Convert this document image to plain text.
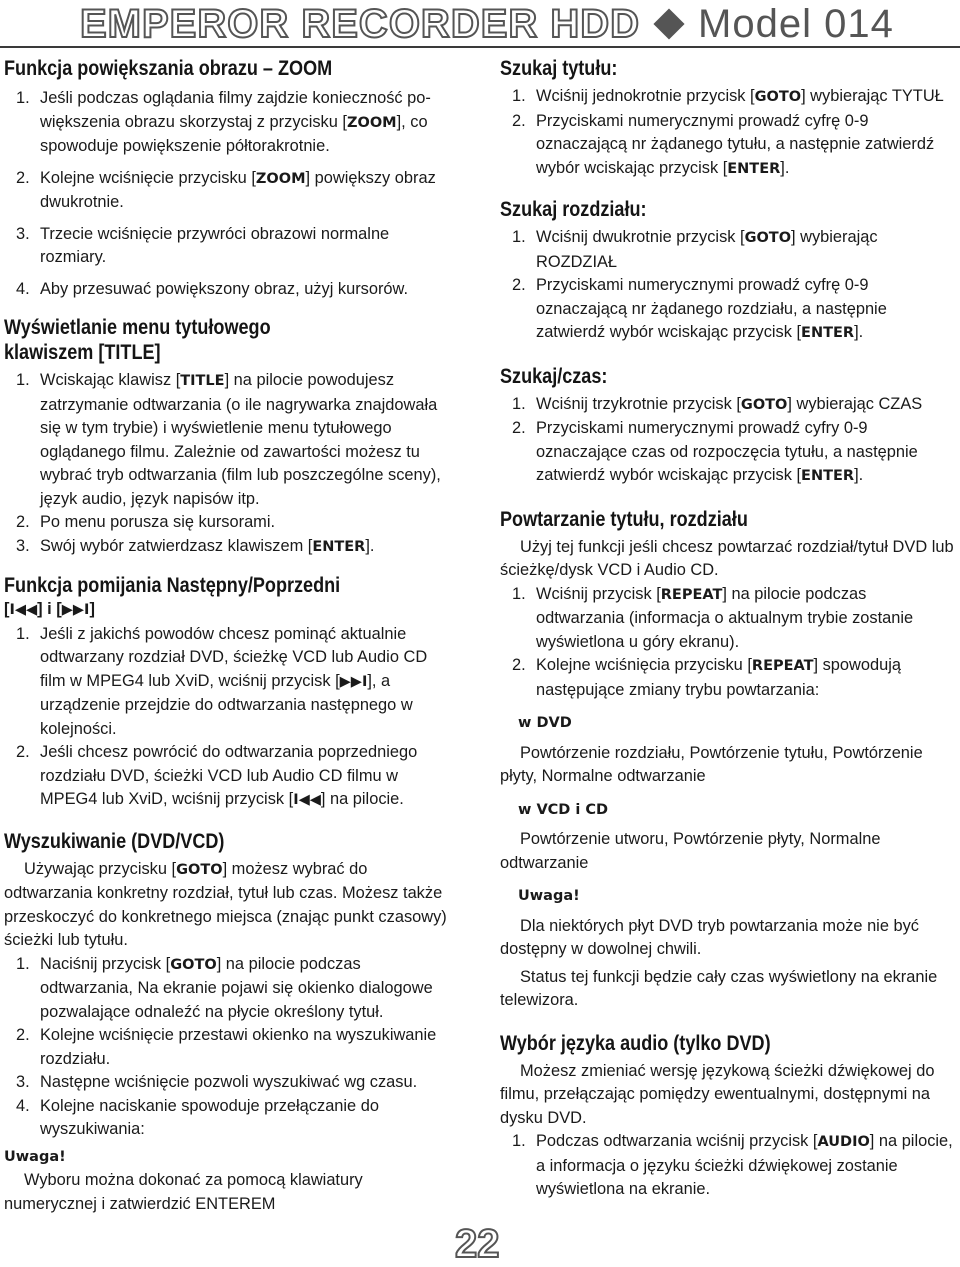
EMPEROR RECORDER HDD Model 014
Funkcja powiększania obrazu – ZOOM

1. Jeśli podczas oglądania filmy zajdzie konieczność po- większenia obrazu skorzystaj z przycisku [ZOOM], co spowoduje powiększenie półtorakrotnie.

2. Kolejne wciśnięcie przycisku [ZOOM] powiększy obraz dwukrotnie.

3. Trzecie wciśnięcie przywróci obrazowi normalne rozmiary.

4. Aby przesuwać powiększony obraz, użyj kursorów.

Wyświetlanie menu tytułowego
klawiszem [TITLE]

1. Wciskając klawisz [TITLE] na pilocie powodujesz zatrzymanie odtwarzania (o ile nagrywarka znajdowała się w tym trybie) i wyświetlenie menu tytułowego oglądanego filmu. Zależnie od zawartości możesz tu wybrać tryb odtwarzania (film lub poszczególne sceny), język audio, język napisów itp.

2. Po menu porusza się kursorami.

3. Swój wybór zatwierdzasz klawiszem [ENTER].

Funkcja pomijania Następny/Poprzedni

[I◀◀] i [▶▶I]

1. Jeśli z jakichś powodów chcesz pominąć aktualnie odtwarzany rozdział DVD, ścieżkę VCD lub Audio CD film w MPEG4 lub XviD, wciśnij przycisk [▶▶I], a urządzenie przejdzie do odtwarzania następnego w kolejności.

2. Jeśli chcesz powrócić do odtwarzania poprzedniego rozdziału DVD, ścieżki VCD lub Audio CD filmu w MPEG4 lub XviD, wciśnij przycisk [I◀◀] na pilocie.

Wyszukiwanie (DVD/VCD)

Używając przycisku [GOTO] możesz wybrać do odtwarzania konkretny rozdział, tytuł lub czas. Możesz także przeskoczyć do konkretnego miejsca (znając punkt czasowy) ścieżki lub tytułu.

1. Naciśnij przycisk [GOTO] na pilocie podczas odtwarzania, Na ekranie pojawi się okienko dialogowe pozwalające odnaleźć na płycie określony tytuł.

2. Kolejne wciśnięcie przestawi okienko na wyszukiwanie rozdziału.

3. Następne wciśnięcie pozwoli wyszukiwać wg czasu.

4. Kolejne naciskanie spowoduje przełączanie do wyszukiwania:

Uwaga!

Wyboru można dokonać za pomocą klawiatury numerycznej i zatwierdzić ENTEREM

Szukaj tytułu:

1. Wciśnij jednokrotnie przycisk [GOTO] wybierając TYTUŁ

2. Przyciskami numerycznymi prowadź cyfrę 0-9 oznaczającą nr żądanego tytułu, a następnie zatwierdź wybór wciskając przycisk [ENTER].

Szukaj rozdziału:

1. Wciśnij dwukrotnie przycisk [GOTO] wybierając ROZDZIAŁ

2. Przyciskami numerycznymi prowadź cyfrę 0-9 oznaczającą nr żądanego rozdziału, a następnie zatwierdź wybór wciskając przycisk [ENTER].

Szukaj/czas:

1. Wciśnij trzykrotnie przycisk [GOTO] wybierając CZAS

2. Przyciskami numerycznymi prowadź cyfry 0-9 oznaczające czas od rozpoczęcia tytułu, a następnie zatwierdź wybór wciskając przycisk [ENTER].

Powtarzanie tytułu, rozdziału

Użyj tej funkcji jeśli chcesz powtarzać rozdział/tytuł DVD lub ścieżkę/dysk VCD i Audio CD.

1. Wciśnij przycisk [REPEAT] na pilocie podczas odtwarzania (informacja o aktualnym trybie zostanie wyświetlona u góry ekranu).

2. Kolejne wciśnięcia przycisku [REPEAT] spowodują następujące zmiany trybu powtarzania:

w DVD

Powtórzenie rozdziału, Powtórzenie tytułu, Powtórzenie płyty, Normalne odtwarzanie

w VCD i CD

Powtórzenie utworu, Powtórzenie płyty, Normalne odtwarzanie

Uwaga!

Dla niektórych płyt DVD tryb powtarzania może nie być dostępny w dowolnej chwili.

Status tej funkcji będzie cały czas wyświetlony na ekranie telewizora.

Wybór języka audio (tylko DVD)

Możesz zmieniać wersję językową ścieżki dźwiękowej do filmu, przełączając pomiędzy ewentualnymi, dostępnymi na dysku DVD.

1. Podczas odtwarzania wciśnij przycisk [AUDIO] na pilocie, a informacja o języku ścieżki dźwiękowej zostanie wyświetlona na ekranie.

22
